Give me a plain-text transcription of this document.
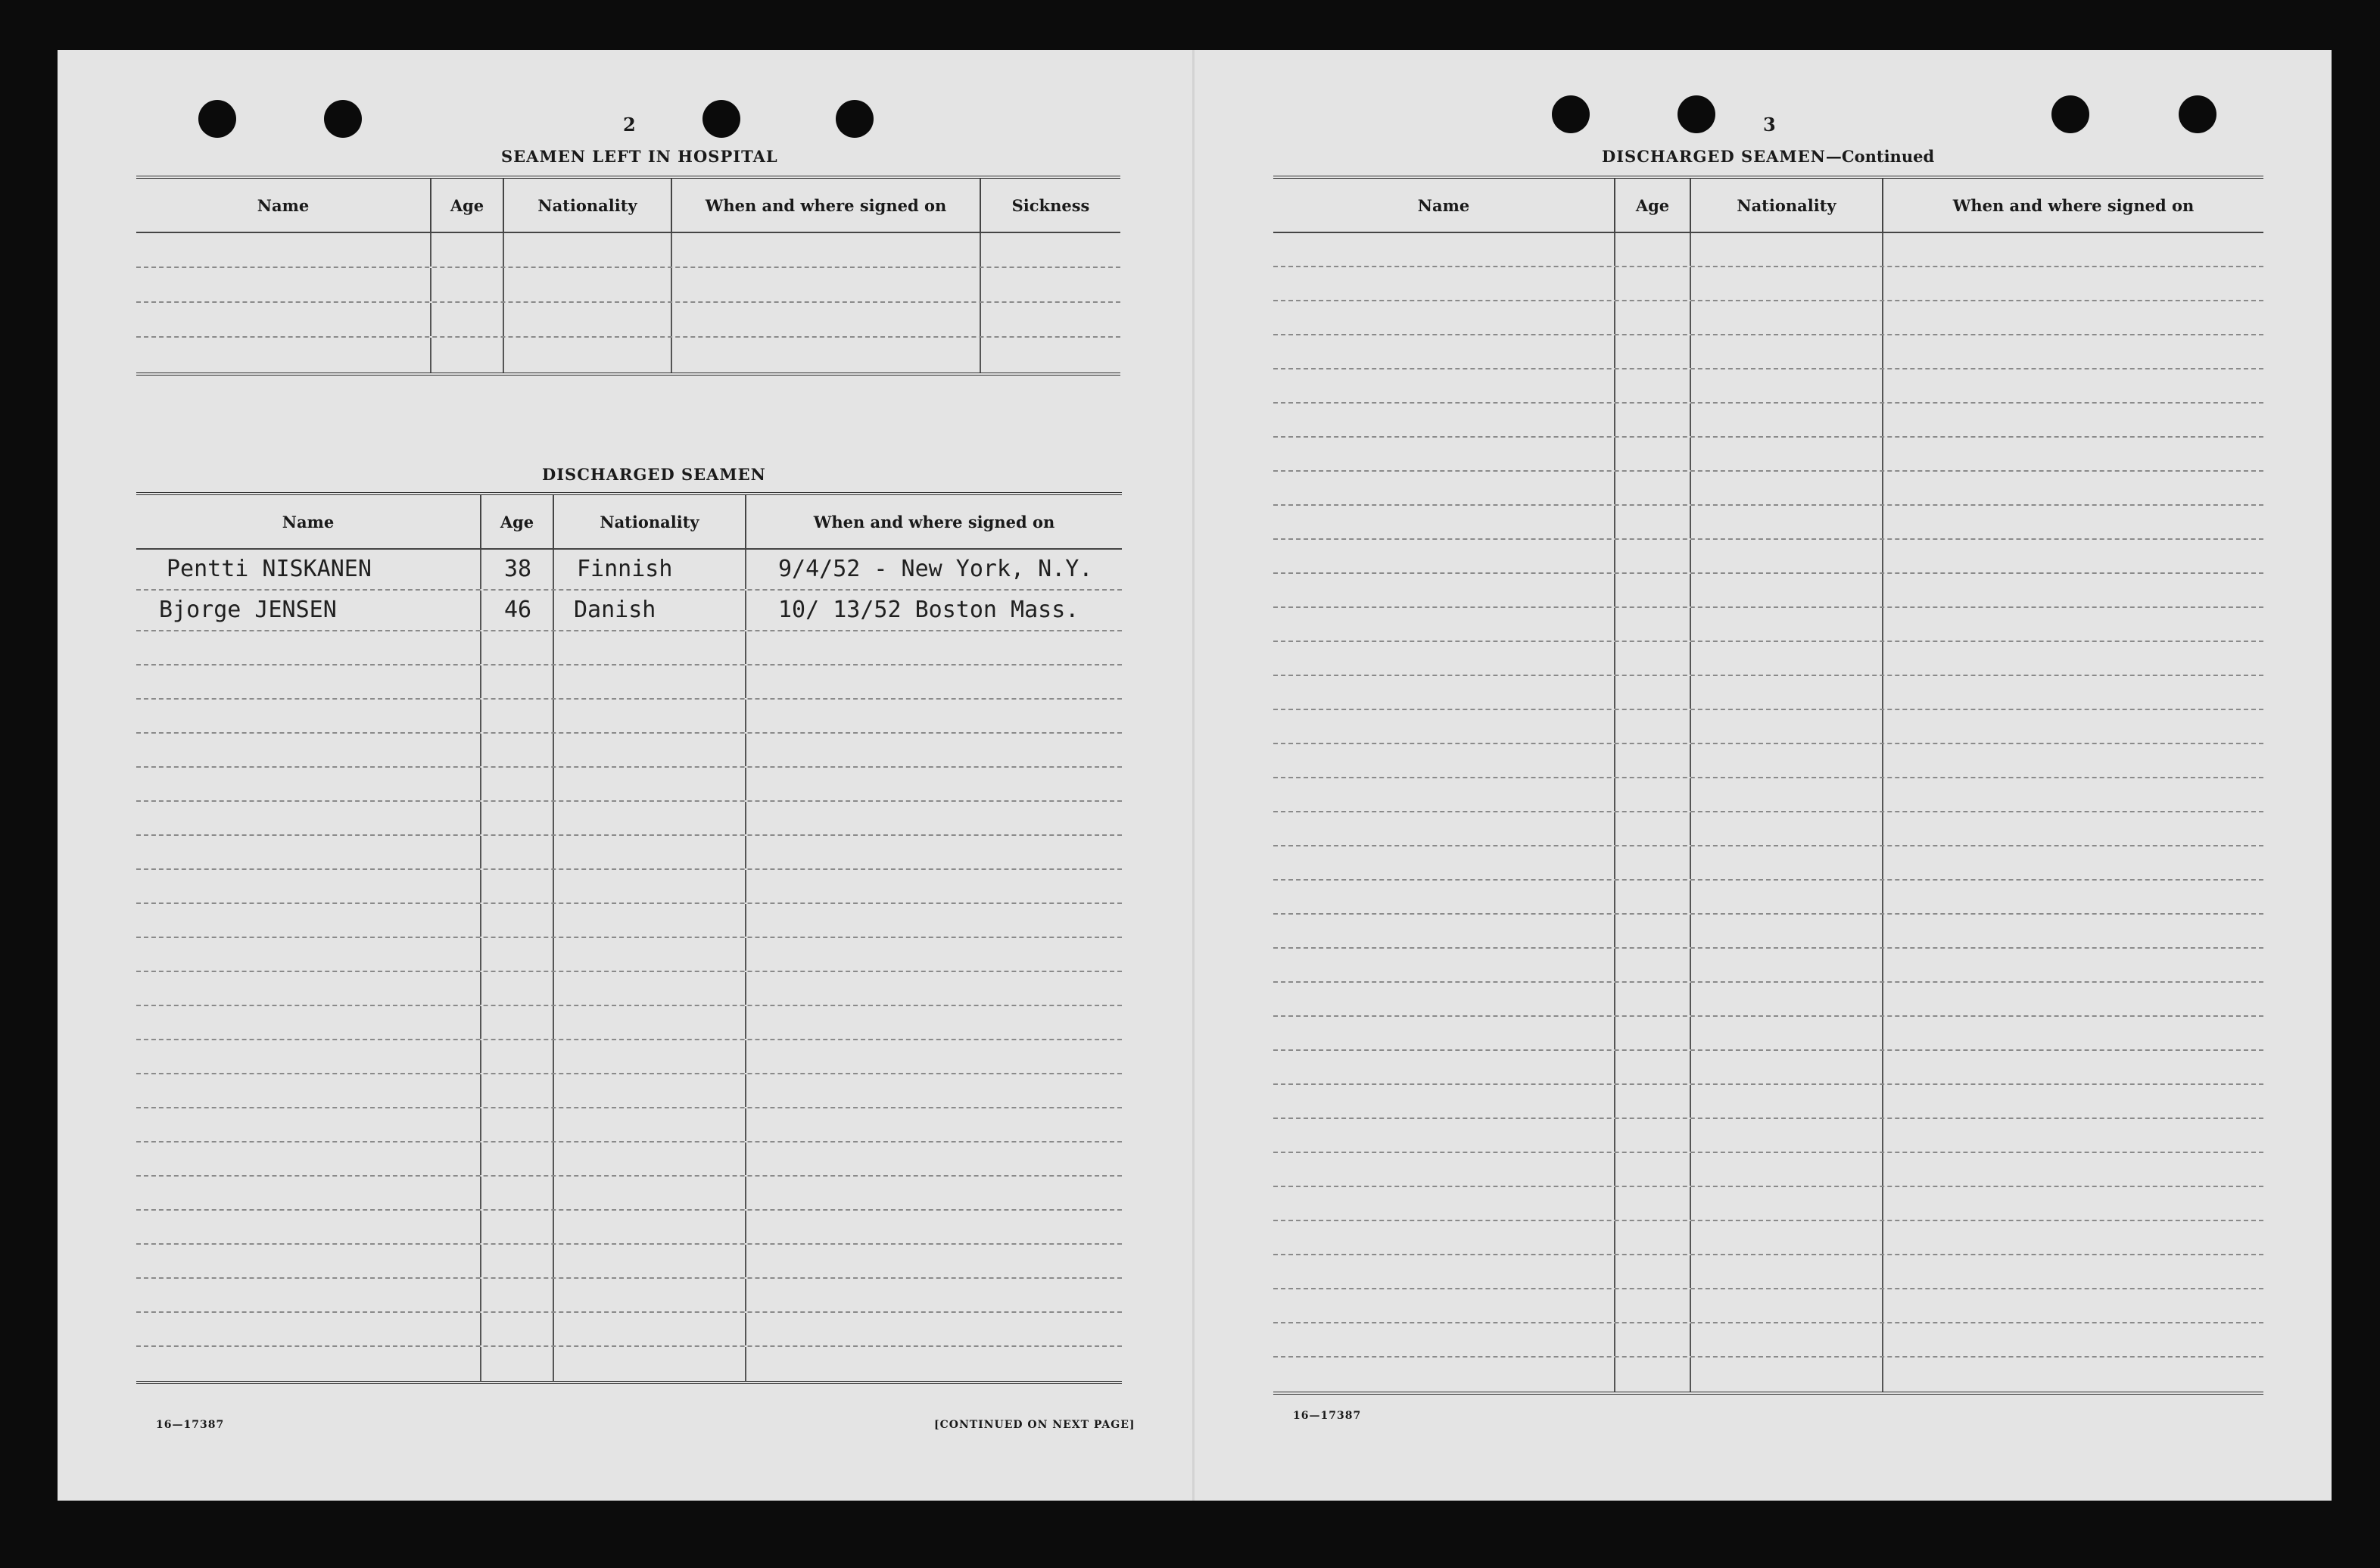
2
SEAMEN LEFT IN HOSPITAL
Name	Age	Nationality	When and where signed on	Sickness
DISCHARGED SEAMEN
Name	Age	Nationality	When and where signed on
Pentti NISKANEN	38	Finnish	9/4/52 - New York, N.Y.
Bjorge JENSEN	46	Danish	10/ 13/52 Boston Mass.
16—17387	[CONTINUED ON NEXT PAGE]
3
DISCHARGED SEAMEN—Continued
Name	Age	Nationality	When and where signed on
16—17387
